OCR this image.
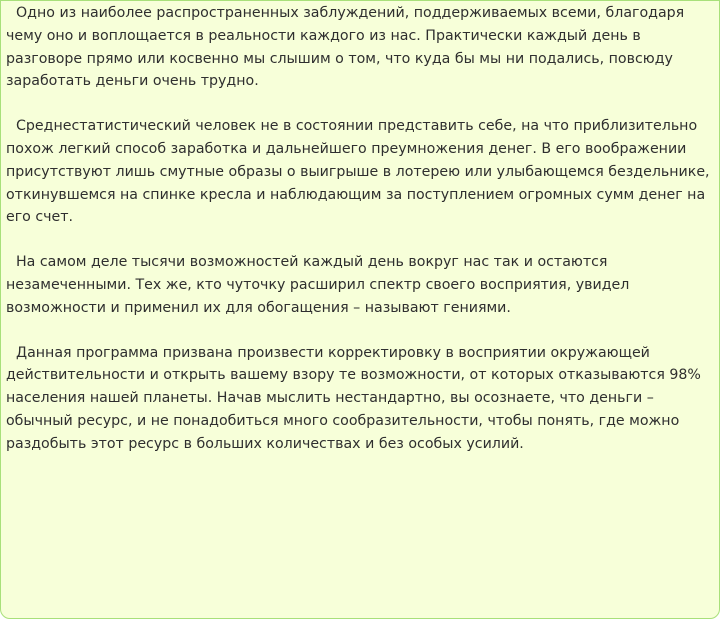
Одно из наиболее распространенных заблуждений, поддерживаемых всеми, благодаря чему оно и воплощается в реальности каждого из нас. Практически каждый день в разговоре прямо или косвенно мы слышим о том, что куда бы мы ни подались, повсюду заработать деньги очень трудно.

Среднестатистический человек не в состоянии представить себе, на что приблизительно похож легкий способ заработка и дальнейшего преумножения денег. В его воображении присутствуют лишь смутные образы о выигрыше в лотерею или улыбающемся бездельнике, откинувшемся на спинке кресла и наблюдающим за поступлением огромных сумм денег на его счет.

На самом деле тысячи возможностей каждый день вокруг нас так и остаются незамеченными. Тех же, кто чуточку расширил спектр своего восприятия, увидел возможности и применил их для обогащения – называют гениями.

Данная программа призвана произвести корректировку в восприятии окружающей действительности и открыть вашему взору те возможности, от которых отказываются 98% населения нашей планеты. Начав мыслить нестандартно, вы осознаете, что деньги – обычный ресурс, и не понадобиться много сообразительности, чтобы понять, где можно раздобыть этот ресурс в больших количествах и без особых усилий.
